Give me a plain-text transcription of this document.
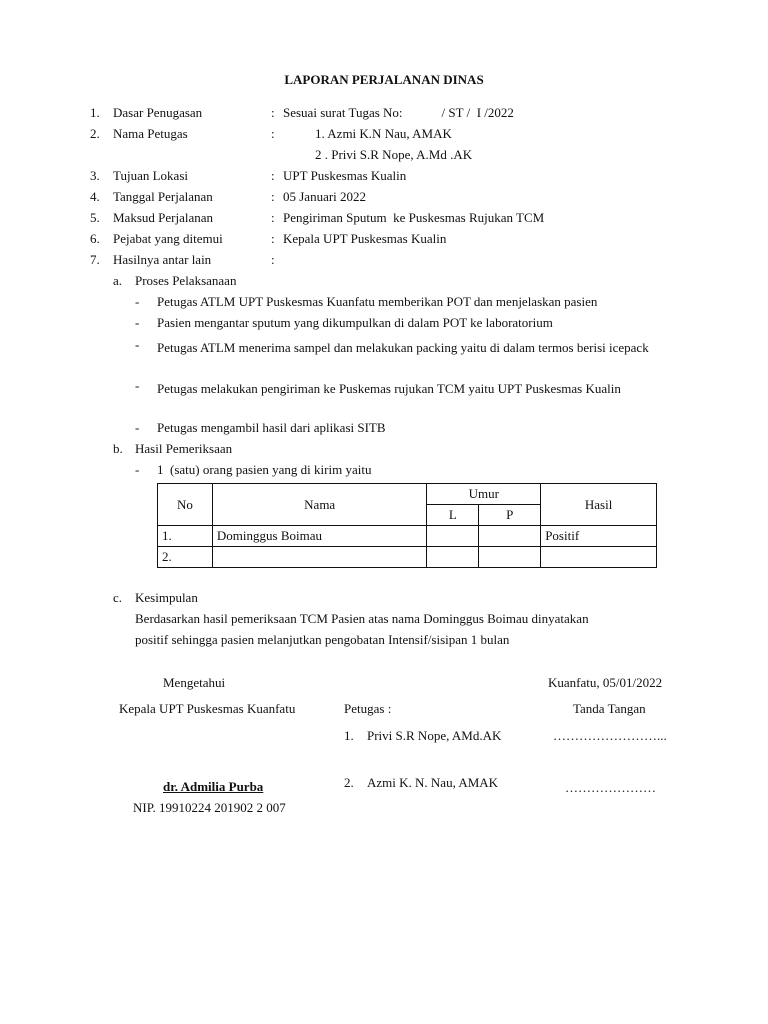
LAPORAN PERJALANAN DINAS
1. Dasar Penugasan	: Sesuai surat Tugas No:            / ST /  I /2022
2. Nama Petugas	:	1. Azmi K.N Nau, AMAK
2 . Privi S.R Nope, A.Md .AK
3. Tujuan Lokasi	: UPT Puskesmas Kualin
4. Tanggal Perjalanan	: 05 Januari 2022
5. Maksud Perjalanan	: Pengiriman Sputum  ke Puskesmas Rujukan TCM
6. Pejabat yang ditemui	: Kepala UPT Puskesmas Kualin
7. Hasilnya antar lain	:
a. Proses Pelaksanaan
- Petugas ATLM UPT Puskesmas Kuanfatu memberikan POT dan menjelaskan pasien
- Pasien mengantar sputum yang dikumpulkan di dalam POT ke laboratorium
- Petugas ATLM menerima sampel dan melakukan packing yaitu di dalam termos berisi icepack
- Petugas melakukan pengiriman ke Puskemas rujukan TCM yaitu UPT Puskesmas Kualin
- Petugas mengambil hasil dari aplikasi SITB
b. Hasil Pemeriksaan
- 1  (satu) orang pasien yang di kirim yaitu
No	Nama	Umur		Hasil
		L	P	
1.	Dominggus Boimau			Positif
2.				
c. Kesimpulan
Berdasarkan hasil pemeriksaan TCM Pasien atas nama Dominggus Boimau dinyatakan
positif sehingga pasien melanjutkan pengobatan Intensif/sisipan 1 bulan
Mengetahui	Kuanfatu, 05/01/2022
Kepala UPT Puskesmas Kuanfatu	Petugas :	Tanda Tangan
1. Privi S.R Nope, AMd.AK	……………………...
2. Azmi K. N. Nau, AMAK	…………………
dr. Admilia Purba
NIP. 19910224 201902 2 007
